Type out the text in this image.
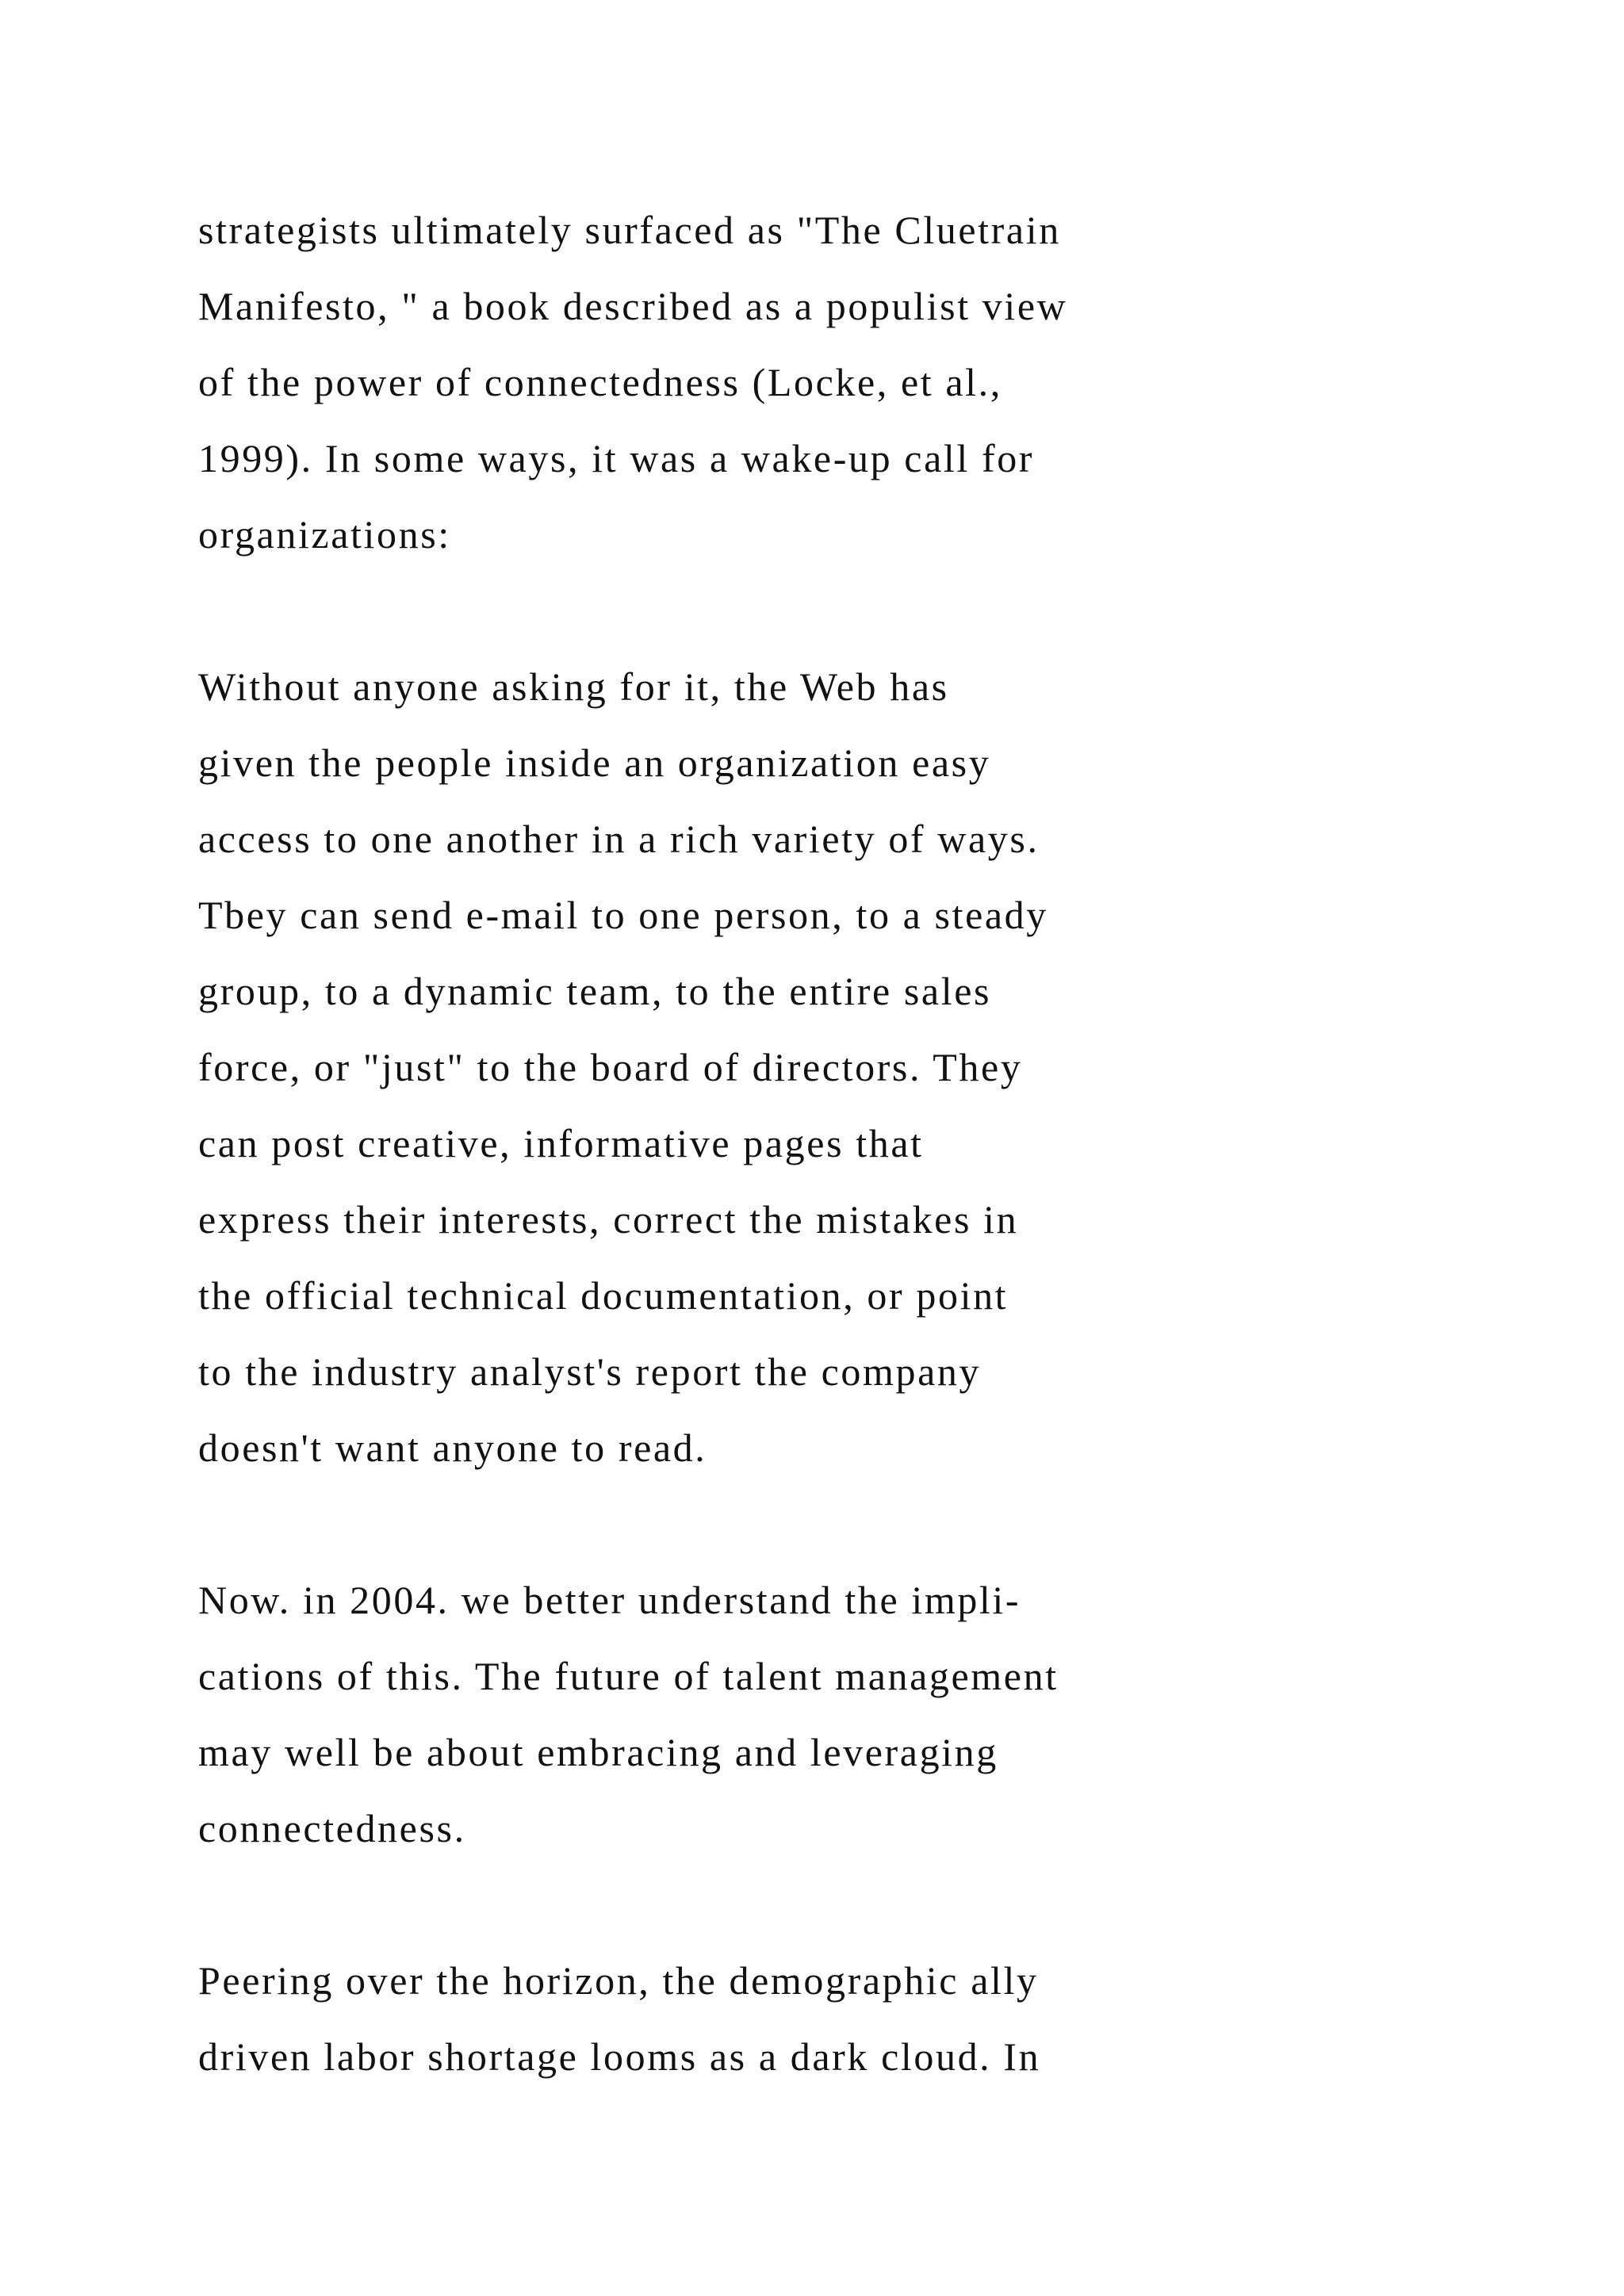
strategists ultimately surfaced as "The Cluetrain
Manifesto, " a book described as a populist view
of the power of connectedness (Locke, et al.,
1999). In some ways, it was a wake-up call for
organizations:
Without anyone asking for it, the Web has
given the people inside an organization easy
access to one another in a rich variety of ways.
Tbey can send e-mail to one person, to a steady
group, to a dynamic team, to the entire sales
force, or "just" to the board of directors. They
can post creative, informative pages that
express their interests, correct the mistakes in
the official technical documentation, or point
to the industry analyst's report the company
doesn't want anyone to read.
Now. in 2004. we better understand the impli-
cations of this. The future of talent management
may well be about embracing and leveraging
connectedness.
Peering over the horizon, the demographic ally
driven labor shortage looms as a dark cloud. In
